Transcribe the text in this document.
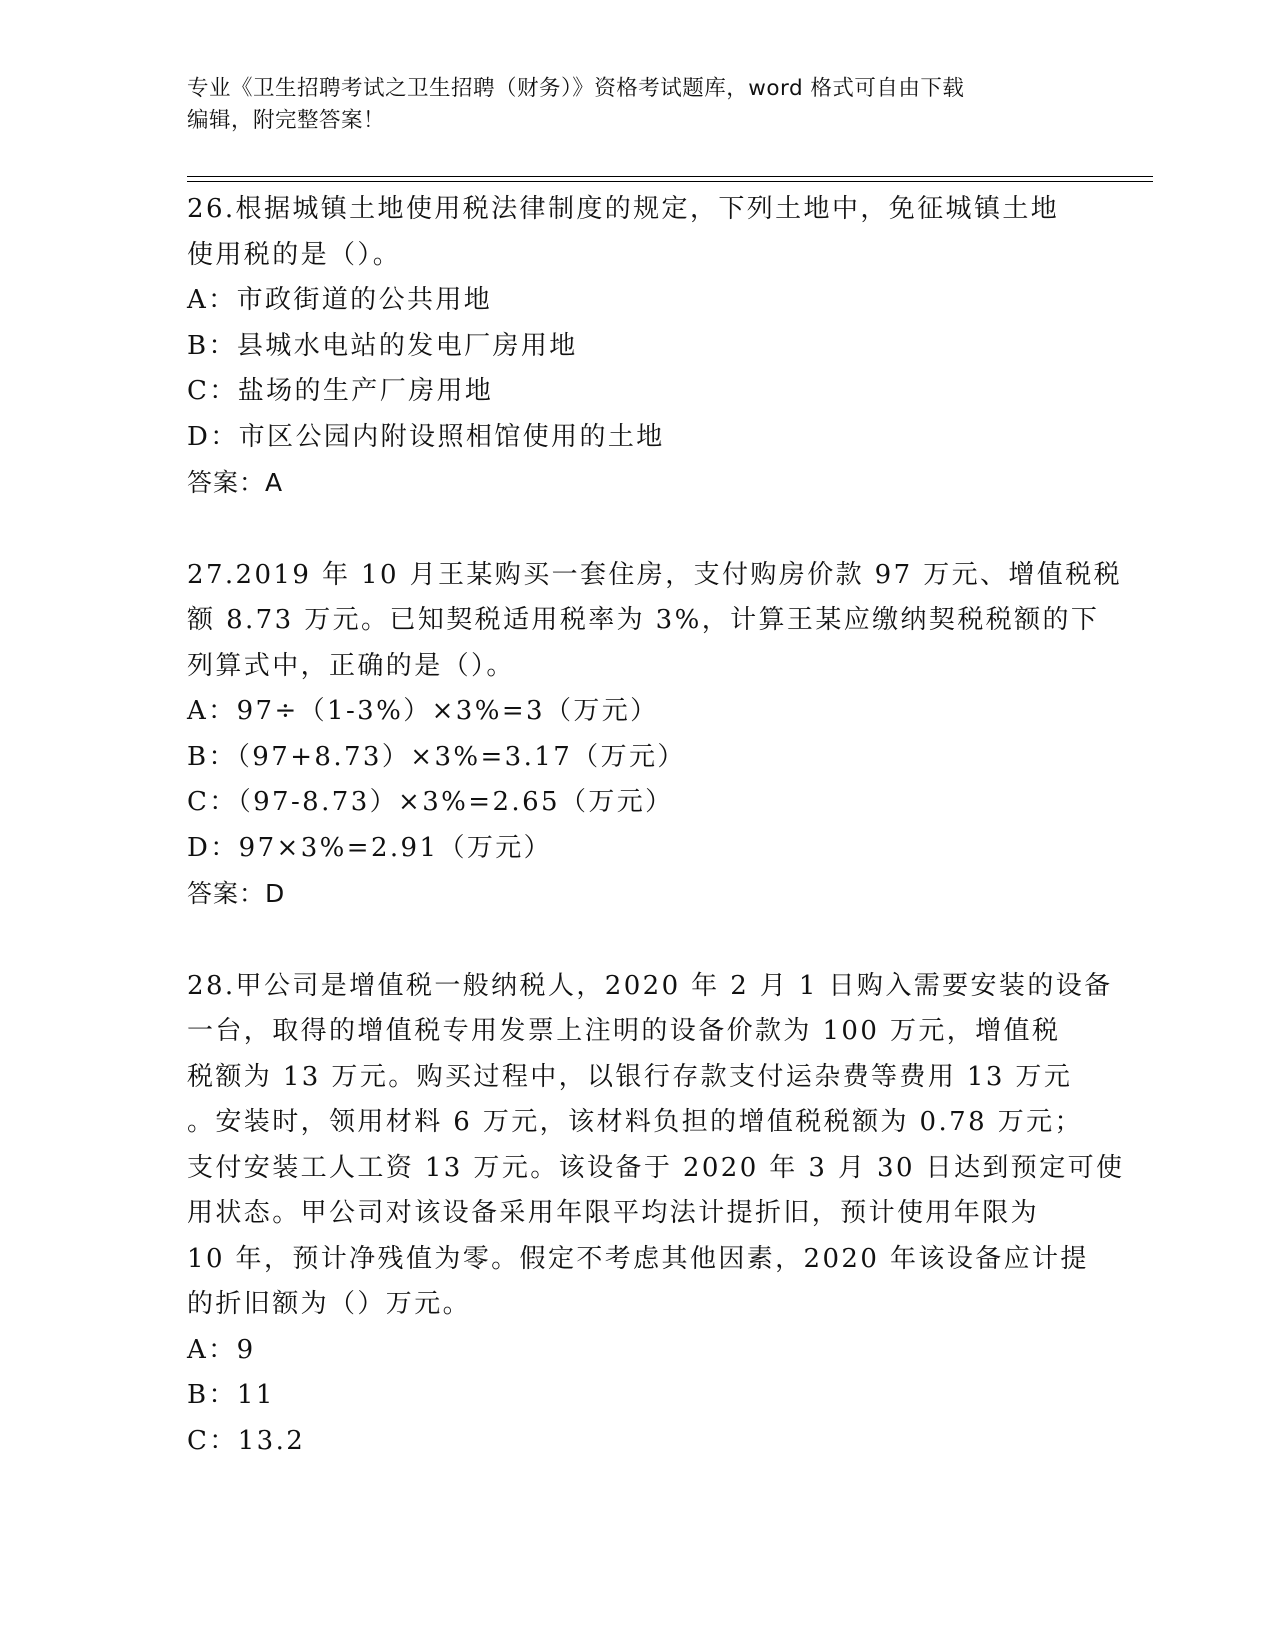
专业《卫生招聘考试之卫生招聘（财务）》资格考试题库，word 格式可自由下载
编辑，附完整答案！
26.根据城镇土地使用税法律制度的规定，下列土地中，免征城镇土地
使用税的是（）。
A：市政街道的公共用地
B：县城水电站的发电厂房用地
C：盐场的生产厂房用地
D：市区公园内附设照相馆使用的土地
答案：A
27.2019 年 10 月王某购买一套住房，支付购房价款 97 万元、增值税税
额 8.73 万元。已知契税适用税率为 3%，计算王某应缴纳契税税额的下
列算式中，正确的是（）。
A：97÷（1-3%）×3%=3（万元）
B：（97+8.73）×3%=3.17（万元）
C：（97-8.73）×3%=2.65（万元）
D：97×3%=2.91（万元）
答案：D
28.甲公司是增值税一般纳税人，2020 年 2 月 1 日购入需要安装的设备
一台，取得的增值税专用发票上注明的设备价款为 100 万元，增值税
税额为 13 万元。购买过程中，以银行存款支付运杂费等费用 13 万元
。安装时，领用材料 6 万元，该材料负担的增值税税额为 0.78 万元；
支付安装工人工资 13 万元。该设备于 2020 年 3 月 30 日达到预定可使
用状态。甲公司对该设备采用年限平均法计提折旧，预计使用年限为
10 年，预计净残值为零。假定不考虑其他因素，2020 年该设备应计提
的折旧额为（）万元。
A：9
B：11
C：13.2
